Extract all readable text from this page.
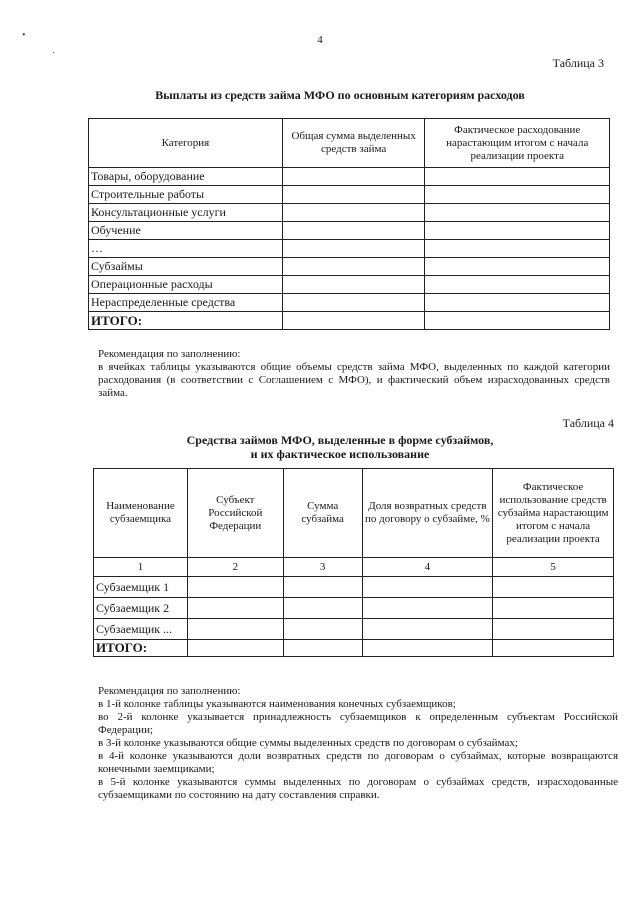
•
·
4
Таблица 3
Выплаты из средств займа МФО по основным категориям расходов
Категория	Общая сумма выделенных средств займа	Фактическое расходование нарастающим итогом с начала реализации проекта
Товары, оборудование		
Строительные работы		
Консультационные услуги		
Обучение		
…		
Субзаймы		
Операционные расходы		
Нераспределенные средства		
ИТОГО:		

Рекомендация по заполнению:

в ячейках таблицы указываются общие объемы средств займа МФО, выделенных по каждой категории расходования (в соответствии с Соглашением с МФО), и фактический объем израсходованных средств займа.

Таблица 4
Средства займов МФО, выделенные в форме субзаймов,
и их фактическое использование
Наименование субзаемщика	Субъект Российской Федерации	Сумма субзайма	Доля возвратных средств по договору о субзайме, %	Фактическое использование средств субзайма нарастающим итогом с начала реализации проекта
1	2	3	4	5
Субзаемщик 1				
Субзаемщик 2				
Субзаемщик ...				
ИТОГО:				

Рекомендация по заполнению:

в 1-й колонке таблицы указываются наименования конечных субзаемщиков;

во 2-й колонке указывается принадлежность субзаемщиков к определенным субъектам Российской Федерации;

в 3-й колонке указываются общие суммы выделенных средств по договорам о субзаймах;

в 4-й колонке указываются доли возвратных средств по договорам о субзаймах, которые возвращаются конечными заемщиками;

в 5-й колонке указываются суммы выделенных по договорам о субзаймах средств, израсходованные субзаемщиками по состоянию на дату составления справки.
